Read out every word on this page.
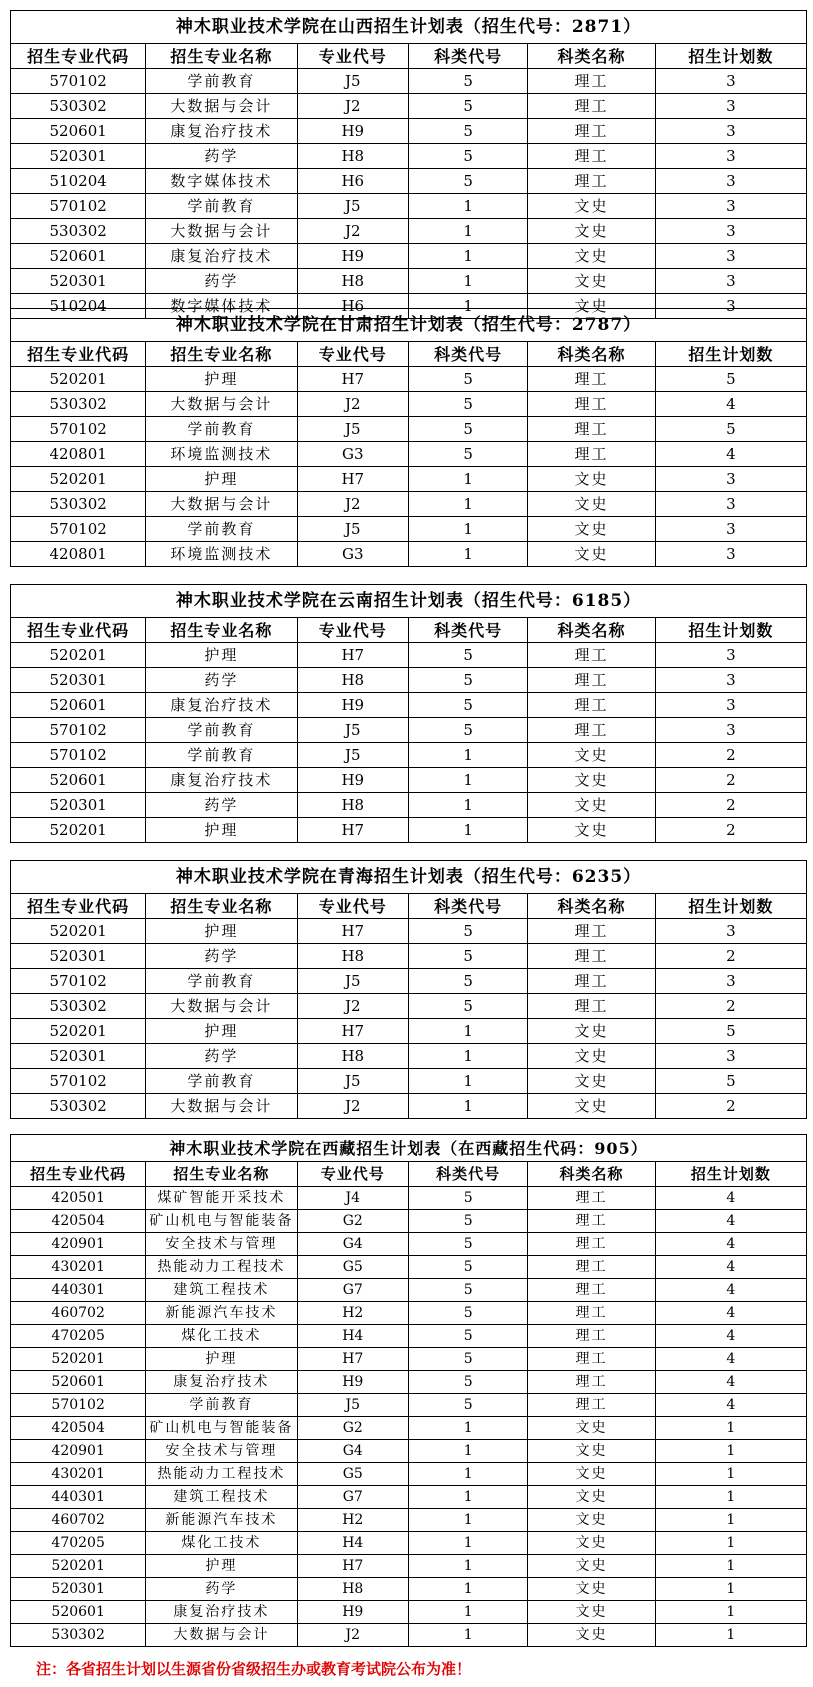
神木职业技术学院在山西招生计划表（招生代号：2871）					
招生专业代码	招生专业名称	专业代号	科类代号	科类名称	招生计划数
570102	学前教育	J5	5	理工	3
530302	大数据与会计	J2	5	理工	3
520601	康复治疗技术	H9	5	理工	3
520301	药学	H8	5	理工	3
510204	数字媒体技术	H6	5	理工	3
570102	学前教育	J5	1	文史	3
530302	大数据与会计	J2	1	文史	3
520601	康复治疗技术	H9	1	文史	3
520301	药学	H8	1	文史	3
510204	数字媒体技术	H6	1	文史	3
神木职业技术学院在甘肃招生计划表（招生代号：2787）					
招生专业代码	招生专业名称	专业代号	科类代号	科类名称	招生计划数
520201	护理	H7	5	理工	5
530302	大数据与会计	J2	5	理工	4
570102	学前教育	J5	5	理工	5
420801	环境监测技术	G3	5	理工	4
520201	护理	H7	1	文史	3
530302	大数据与会计	J2	1	文史	3
570102	学前教育	J5	1	文史	3
420801	环境监测技术	G3	1	文史	3
神木职业技术学院在云南招生计划表（招生代号：6185）					
招生专业代码	招生专业名称	专业代号	科类代号	科类名称	招生计划数
520201	护理	H7	5	理工	3
520301	药学	H8	5	理工	3
520601	康复治疗技术	H9	5	理工	3
570102	学前教育	J5	5	理工	3
570102	学前教育	J5	1	文史	2
520601	康复治疗技术	H9	1	文史	2
520301	药学	H8	1	文史	2
520201	护理	H7	1	文史	2
神木职业技术学院在青海招生计划表（招生代号：6235）					
招生专业代码	招生专业名称	专业代号	科类代号	科类名称	招生计划数
520201	护理	H7	5	理工	3
520301	药学	H8	5	理工	2
570102	学前教育	J5	5	理工	3
530302	大数据与会计	J2	5	理工	2
520201	护理	H7	1	文史	5
520301	药学	H8	1	文史	3
570102	学前教育	J5	1	文史	5
530302	大数据与会计	J2	1	文史	2
神木职业技术学院在西藏招生计划表（在西藏招生代码：905）					
招生专业代码	招生专业名称	专业代号	科类代号	科类名称	招生计划数
420501	煤矿智能开采技术	J4	5	理工	4
420504	矿山机电与智能装备	G2	5	理工	4
420901	安全技术与管理	G4	5	理工	4
430201	热能动力工程技术	G5	5	理工	4
440301	建筑工程技术	G7	5	理工	4
460702	新能源汽车技术	H2	5	理工	4
470205	煤化工技术	H4	5	理工	4
520201	护理	H7	5	理工	4
520601	康复治疗技术	H9	5	理工	4
570102	学前教育	J5	5	理工	4
420504	矿山机电与智能装备	G2	1	文史	1
420901	安全技术与管理	G4	1	文史	1
430201	热能动力工程技术	G5	1	文史	1
440301	建筑工程技术	G7	1	文史	1
460702	新能源汽车技术	H2	1	文史	1
470205	煤化工技术	H4	1	文史	1
520201	护理	H7	1	文史	1
520301	药学	H8	1	文史	1
520601	康复治疗技术	H9	1	文史	1
530302	大数据与会计	J2	1	文史	1
注：各省招生计划以生源省份省级招生办或教育考试院公布为准！
